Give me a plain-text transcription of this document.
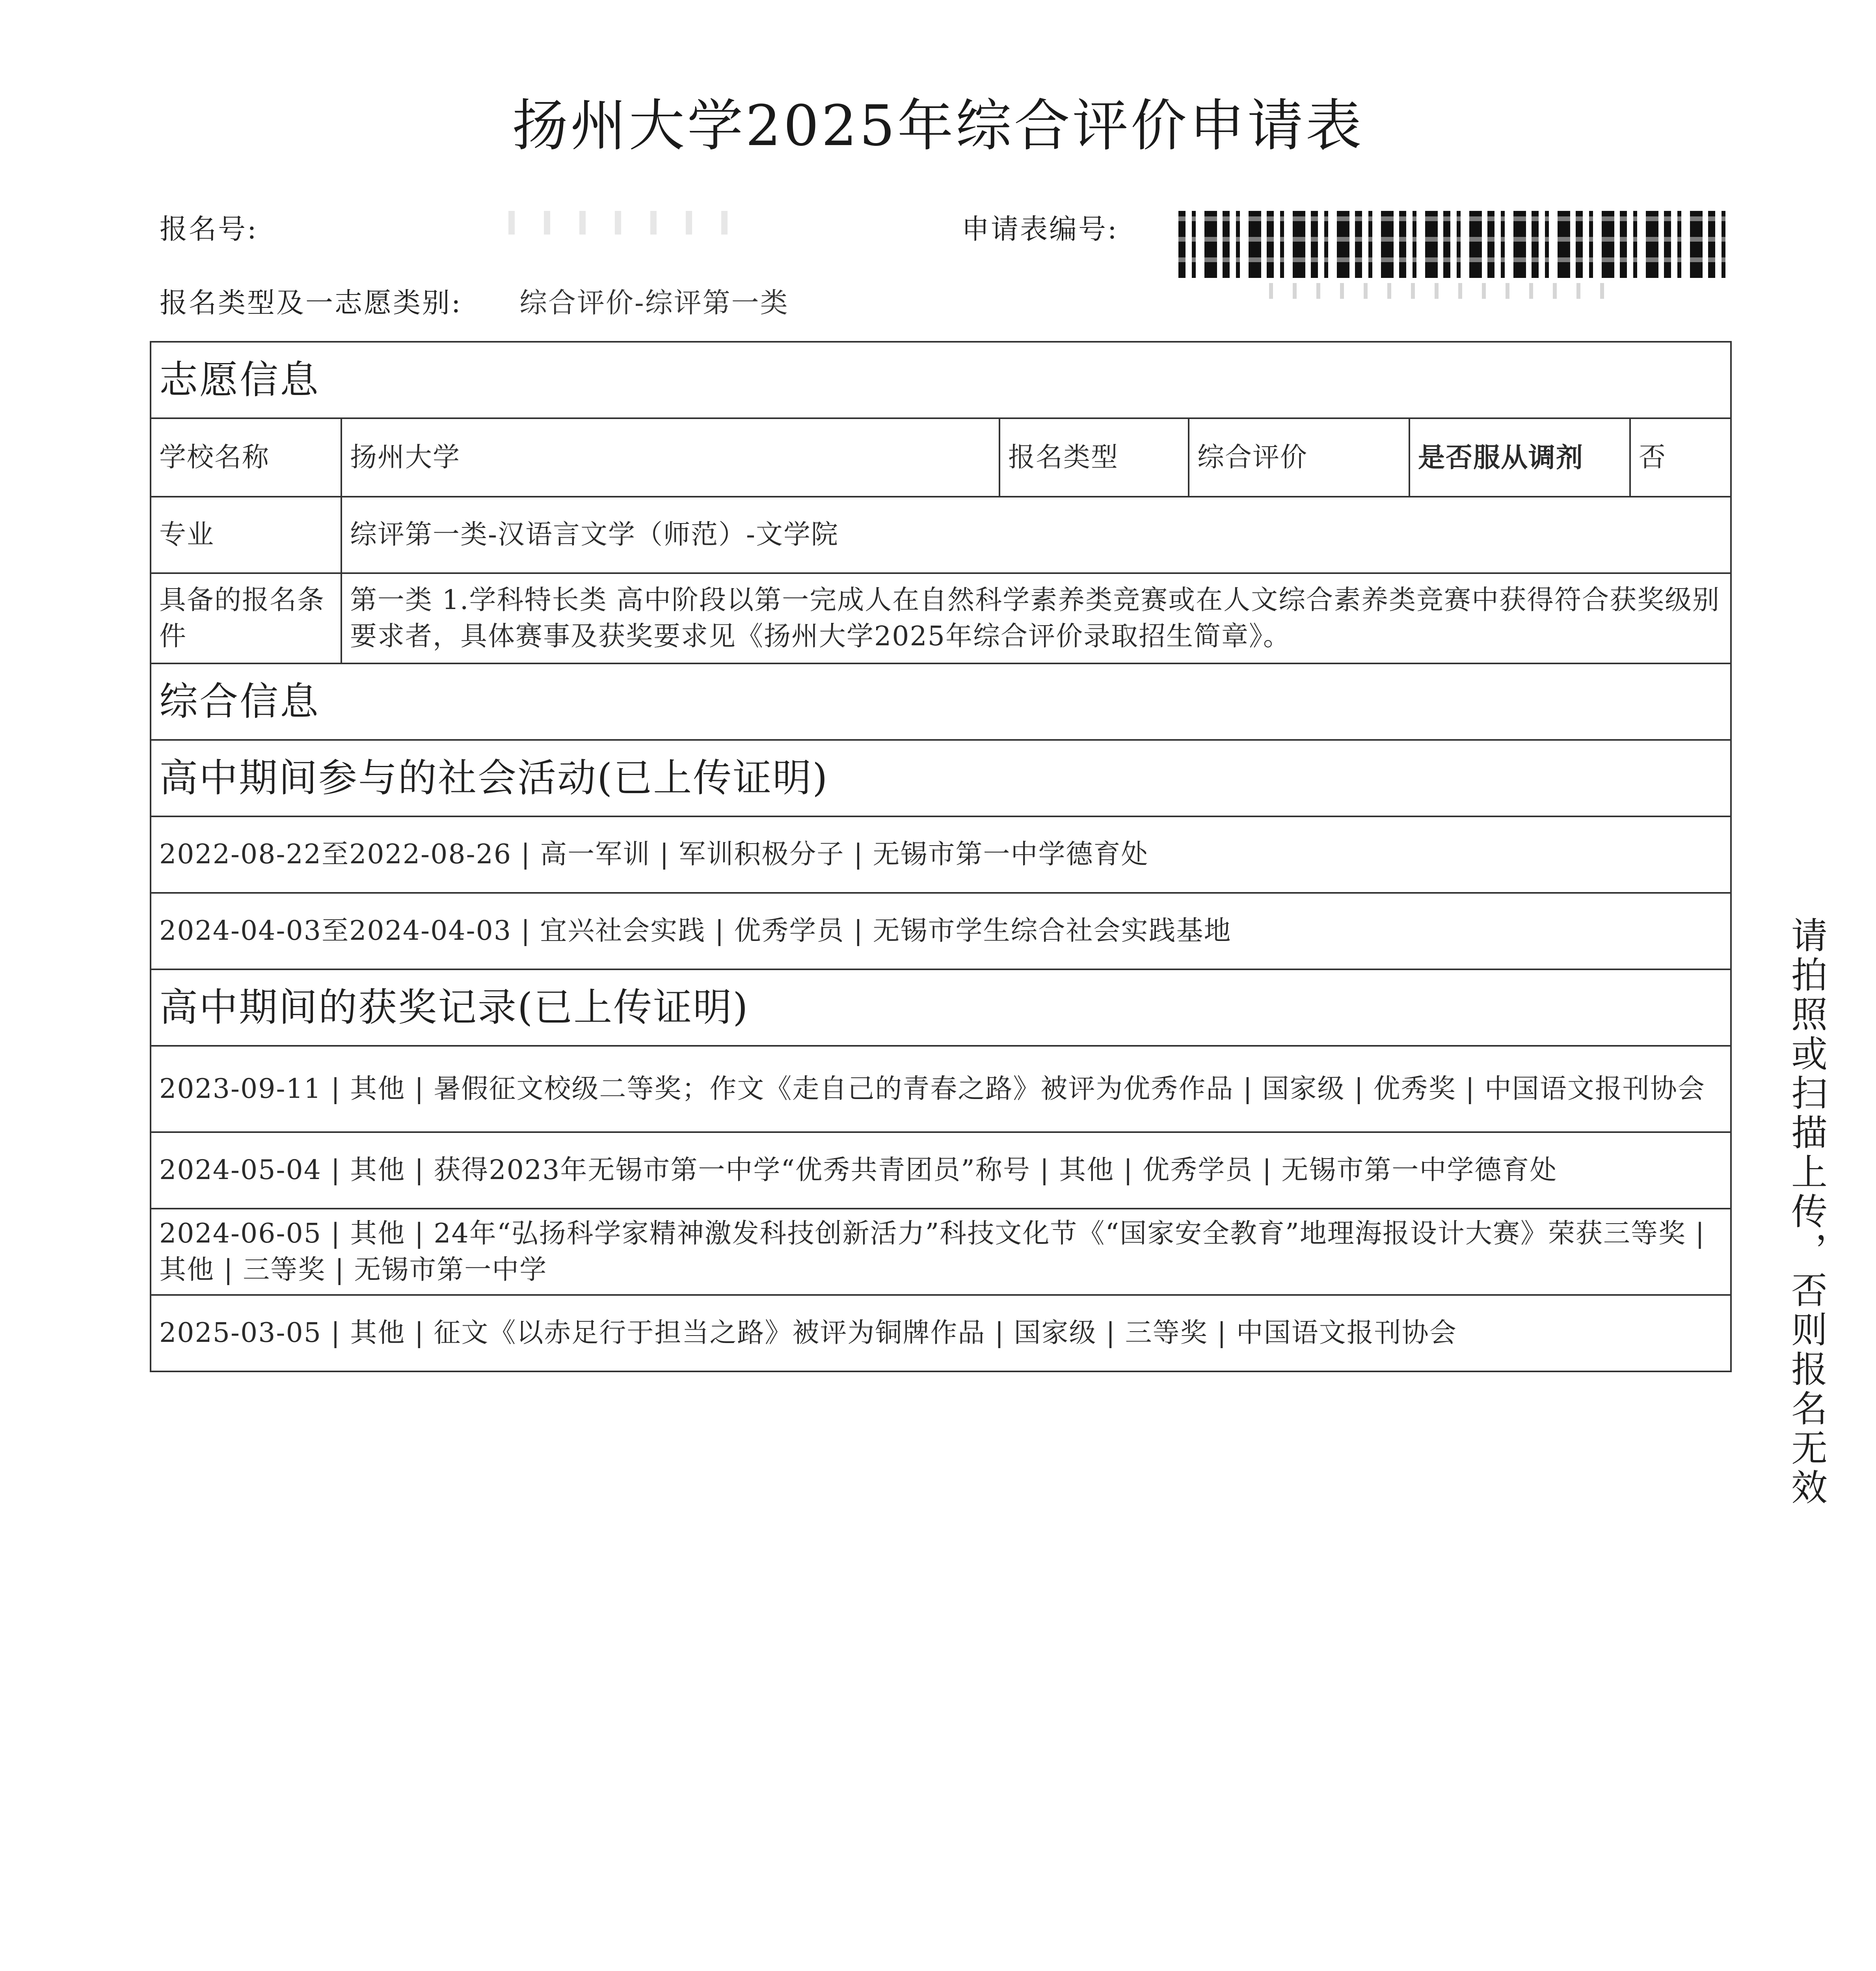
扬州大学2025年综合评价申请表
报名号:	申请表编号:
报名类型及一志愿类别: 综合评价-综评第一类
志愿信息					
学校名称	扬州大学	报名类型	综合评价	是否服从调剂	否
专业	综评第一类-汉语言文学（师范）-文学院				
具备的报名条件	第一类 1.学科特长类 高中阶段以第一完成人在自然科学素养类竞赛或在人文综合素养类竞赛中获得符合获奖级别要求者，具体赛事及获奖要求见《扬州大学2025年综合评价录取招生简章》。				
综合信息					
高中期间参与的社会活动(已上传证明)					
2022-08-22至2022-08-26 | 高一军训 | 军训积极分子 | 无锡市第一中学德育处					
2024-04-03至2024-04-03 | 宜兴社会实践 | 优秀学员 | 无锡市学生综合社会实践基地					
高中期间的获奖记录(已上传证明)					
2023-09-11 | 其他 | 暑假征文校级二等奖；作文《走自己的青春之路》被评为优秀作品 | 国家级 | 优秀奖 | 中国语文报刊协会					
2024-05-04 | 其他 | 获得2023年无锡市第一中学“优秀共青团员”称号 | 其他 | 优秀学员 | 无锡市第一中学德育处					
2024-06-05 | 其他 | 24年“弘扬科学家精神激发科技创新活力”科技文化节《“国家安全教育”地理海报设计大赛》荣获三等奖 | 其他 | 三等奖 | 无锡市第一中学					
2025-03-05 | 其他 | 征文《以赤足行于担当之路》被评为铜牌作品 | 国家级 | 三等奖 | 中国语文报刊协会						请拍照或扫描上传，否则报名无效
